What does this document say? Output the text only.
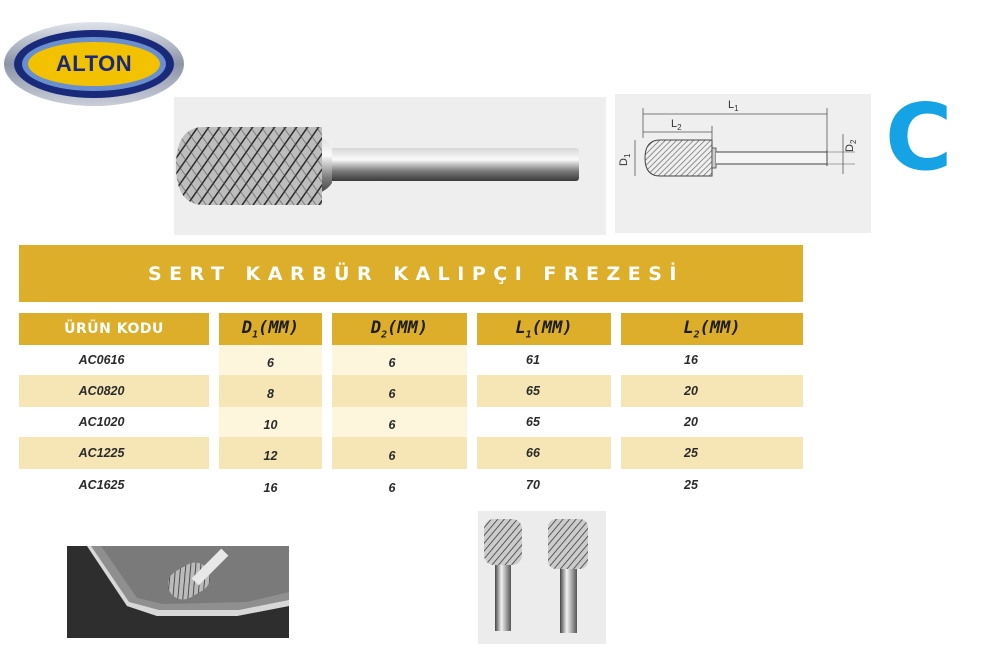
ALTON
$L_1$
$L_2$
$D_1$
$D_2$ C
SERT KARBÜR KALIPÇI FREZESİ
ÜRÜN KODU	$D_1(MM)$	$D_2(MM)$	$L_1(MM)$	$L_2(MM)$
AC0616	6	6	61	16
AC0820	8	6	65	20
AC1020	10	6	65	20
AC1225	12	6	66	25
AC1625	16	6	70	25
